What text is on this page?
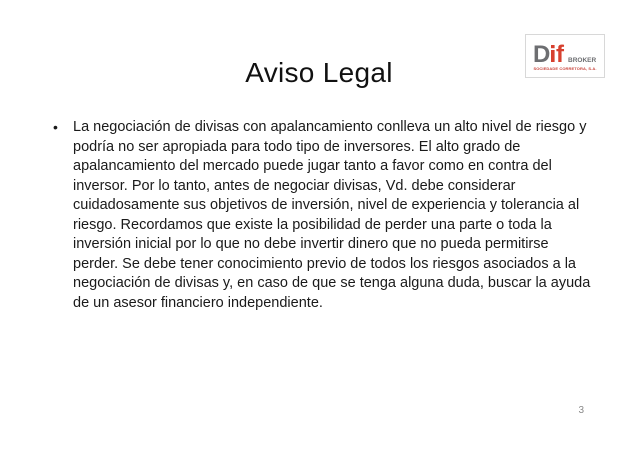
D f BROKER
SOCIEDADE CORRETORA, S.A.
Aviso Legal
•	La negociación de divisas con apalancamiento conlleva un alto nivel de riesgo y podría no ser apropiada para todo tipo de inversores. El alto grado de apalancamiento del mercado puede jugar tanto a favor como en contra del inversor. Por lo tanto, antes de negociar divisas, Vd. debe considerar cuidadosamente sus objetivos de inversión, nivel de experiencia y tolerancia al riesgo. Recordamos que existe la posibilidad de perder una parte o toda la inversión inicial por lo que no debe invertir dinero que no pueda permitirse perder. Se debe tener conocimiento previo de todos los riesgos asociados a la negociación de divisas y, en caso de que se tenga alguna duda, buscar la ayuda de un asesor financiero independiente.
3
